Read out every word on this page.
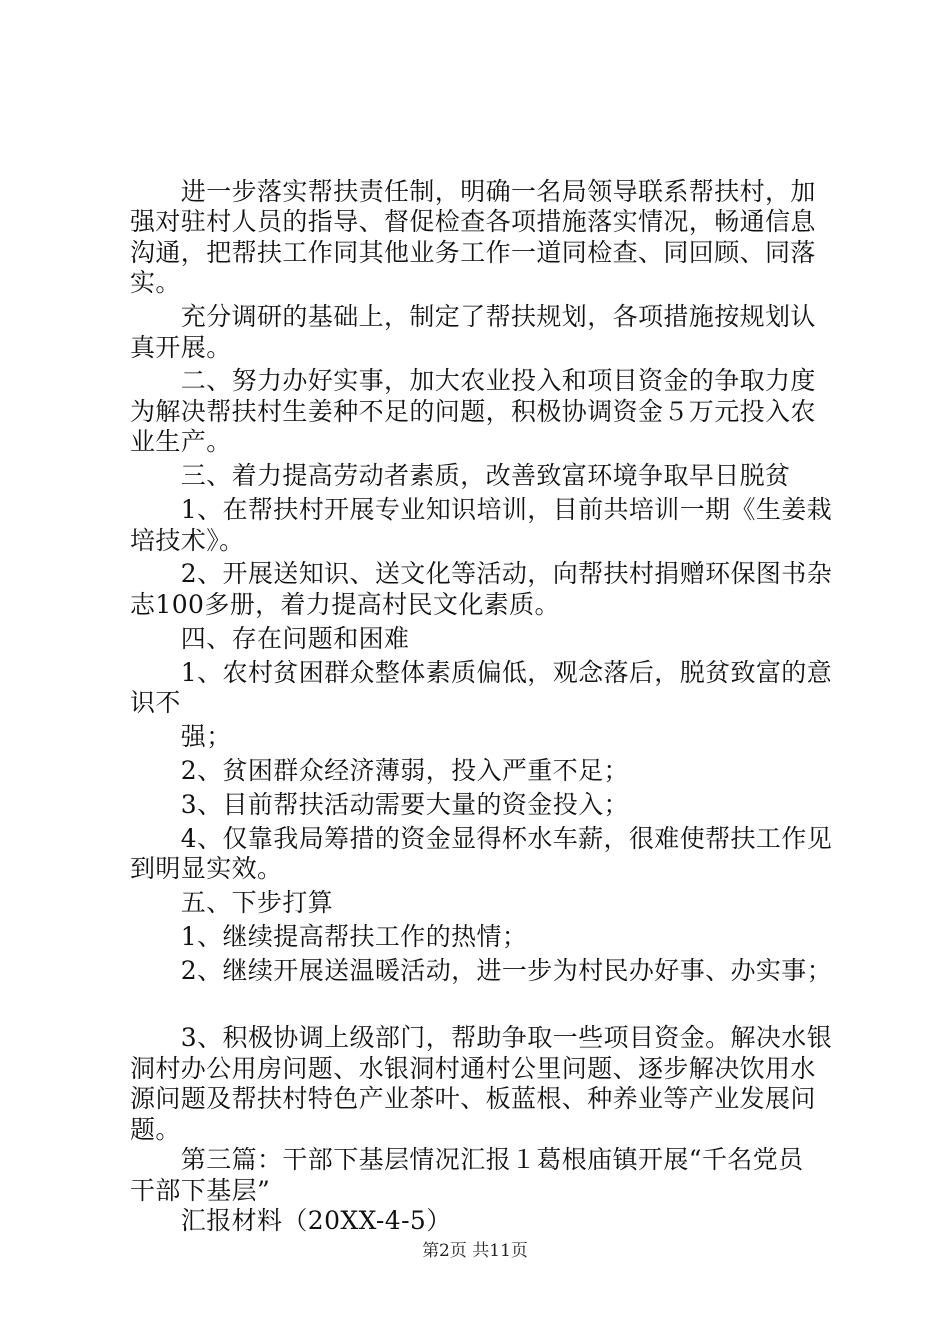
　　进一步落实帮扶责任制，明确一名局领导联系帮扶村，加
强对驻村人员的指导、督促检查各项措施落实情况，畅通信息
沟通，把帮扶工作同其他业务工作一道同检查、同回顾、同落
实。
　　充分调研的基础上，制定了帮扶规划，各项措施按规划认
真开展。
　　二、努力办好实事，加大农业投入和项目资金的争取力度
为解决帮扶村生姜种不足的问题，积极协调资金５万元投入农
业生产。
　　三、着力提高劳动者素质，改善致富环境争取早日脱贫
　　1、在帮扶村开展专业知识培训，目前共培训一期《生姜栽
培技术》。
　　2、开展送知识、送文化等活动，向帮扶村捐赠环保图书杂
志100多册，着力提高村民文化素质。
　　四、存在问题和困难
　　1、农村贫困群众整体素质偏低，观念落后，脱贫致富的意
识不
　　强；
　　2、贫困群众经济薄弱，投入严重不足；
　　3、目前帮扶活动需要大量的资金投入；
　　4、仅靠我局筹措的资金显得杯水车薪，很难使帮扶工作见
到明显实效。
　　五、下步打算
　　1、继续提高帮扶工作的热情；
　　2、继续开展送温暖活动，进一步为村民办好事、办实事；
　　3、积极协调上级部门，帮助争取一些项目资金。解决水银
洞村办公用房问题、水银洞村通村公里问题、逐步解决饮用水
源问题及帮扶村特色产业茶叶、板蓝根、种养业等产业发展问
题。
　　第三篇：干部下基层情况汇报１葛根庙镇开展“千名党员
干部下基层”
　　汇报材料（20XX-4-5）
第2页 共11页
